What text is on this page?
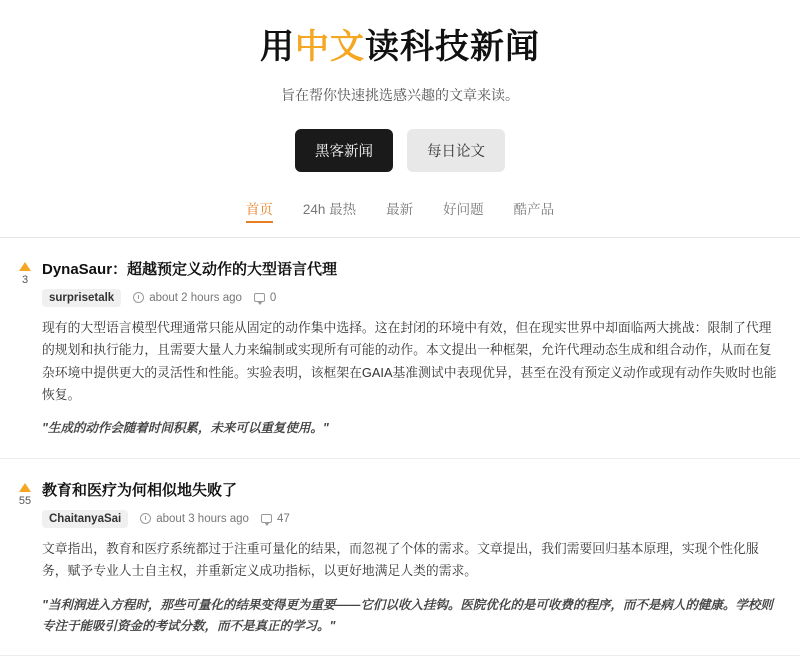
用中文读科技新闻

旨在帮你快速挑选感兴趣的文章来读。

黑客新闻	每日论文
首页 24h 最热 最新 好问题 酷产品
3
DynaSaur：超越预定义动作的大型语言代理
surprisetalk	about 2 hours ago 0

现有的大型语言模型代理通常只能从固定的动作集中选择。这在封闭的环境中有效，但在现实世界中却面临两大挑战：限制了代理的规划和执行能力，且需要大量人力来编制或实现所有可能的动作。本文提出一种框架，允许代理动态生成和组合动作，从而在复杂环境中提供更大的灵活性和性能。实验表明，该框架在GAIA基准测试中表现优异，甚至在没有预定义动作或现有动作失败时也能恢复。

"生成的动作会随着时间积累，未来可以重复使用。"

55
教育和医疗为何相似地失败了
ChaitanyaSai	about 3 hours ago 47

文章指出，教育和医疗系统都过于注重可量化的结果，而忽视了个体的需求。文章提出，我们需要回归基本原理，实现个性化服务，赋予专业人士自主权，并重新定义成功指标，以更好地满足人类的需求。

"当利润进入方程时，那些可量化的结果变得更为重要——它们以收入挂钩。医院优化的是可收费的程序，而不是病人的健康。学校则专注于能吸引资金的考试分数，而不是真正的学习。"
